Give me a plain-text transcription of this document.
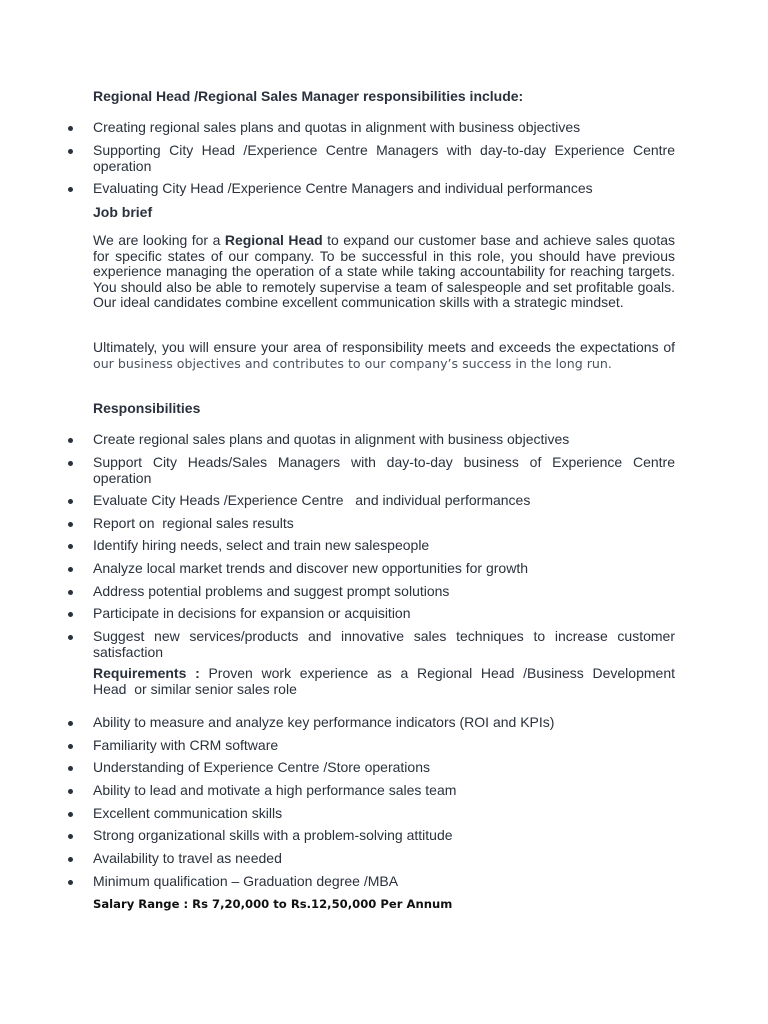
Regional Head /Regional Sales Manager responsibilities include:
Creating regional sales plans and quotas in alignment with business objectives
Supporting City Head /Experience Centre Managers with day-to-day Experience Centre
operation
Evaluating City Head /Experience Centre Managers and individual performances
Job brief
We are looking for a Regional Head to expand our customer base and achieve sales quotas
for specific states of our company. To be successful in this role, you should have previous
experience managing the operation of a state while taking accountability for reaching targets.
You should also be able to remotely supervise a team of salespeople and set profitable goals.
Our ideal candidates combine excellent communication skills with a strategic mindset.
Ultimately, you will ensure your area of responsibility meets and exceeds the expectations of
our business objectives and contributes to our company’s success in the long run.
Responsibilities
Create regional sales plans and quotas in alignment with business objectives
Support City Heads/Sales Managers with day-to-day business of Experience Centre
operation
Evaluate City Heads /Experience Centre   and individual performances
Report on  regional sales results
Identify hiring needs, select and train new salespeople
Analyze local market trends and discover new opportunities for growth
Address potential problems and suggest prompt solutions
Participate in decisions for expansion or acquisition
Suggest new services/products and innovative sales techniques to increase customer
satisfaction
Requirements : Proven work experience as a Regional Head /Business Development
Head  or similar senior sales role
Ability to measure and analyze key performance indicators (ROI and KPIs)
Familiarity with CRM software
Understanding of Experience Centre /Store operations
Ability to lead and motivate a high performance sales team
Excellent communication skills
Strong organizational skills with a problem-solving attitude
Availability to travel as needed
Minimum qualification – Graduation degree /MBA
Salary Range : Rs 7,20,000 to Rs.12,50,000 Per Annum
